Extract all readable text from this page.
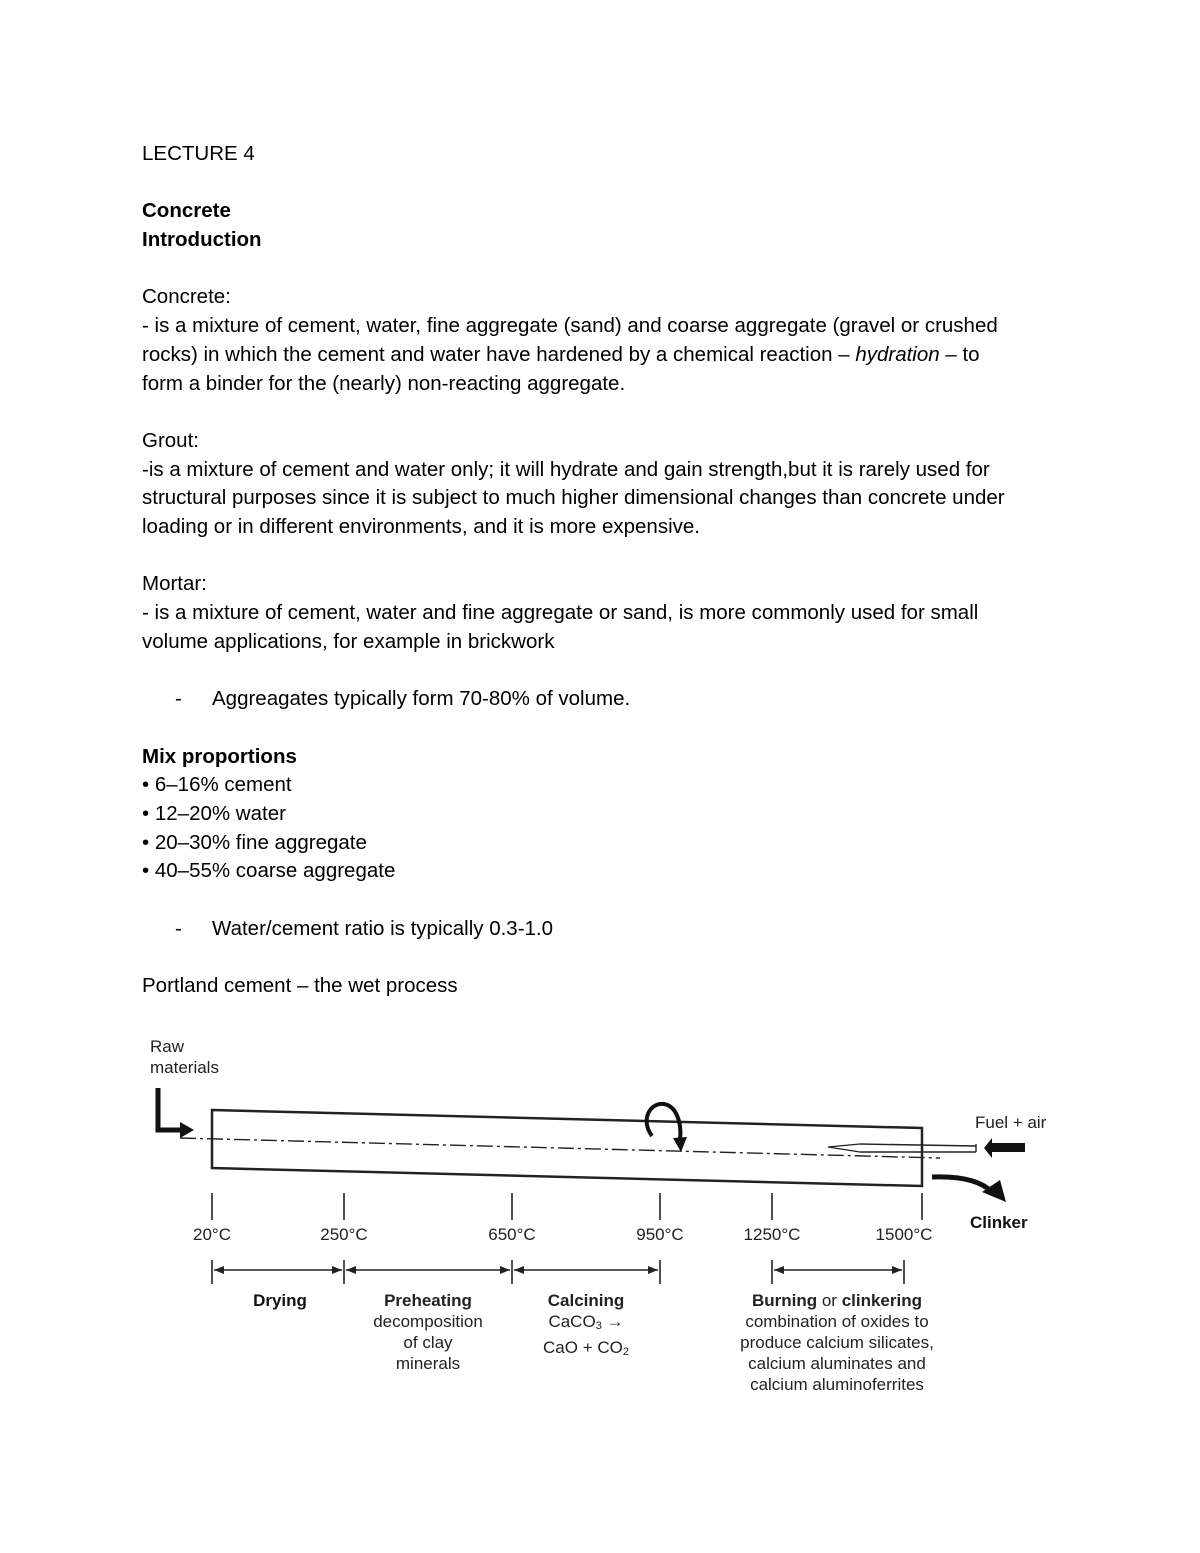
LECTURE 4
Concrete
Introduction
Concrete:
- is a mixture of cement, water, fine aggregate (sand) and coarse aggregate (gravel or crushed
rocks) in which the cement and water have hardened by a chemical reaction – hydration – to
form a binder for the (nearly) non-reacting aggregate.
Grout:
-is a mixture of cement and water only; it will hydrate and gain strength,but it is rarely used for
structural purposes since it is subject to much higher dimensional changes than concrete under
loading or in different environments, and it is more expensive.
Mortar:
- is a mixture of cement, water and fine aggregate or sand, is more commonly used for small
volume applications, for example in brickwork
-	Aggreagates typically form 70-80% of volume.
Mix proportions
• 6–16% cement
• 12–20% water
• 20–30% fine aggregate
• 40–55% coarse aggregate
-	Water/cement ratio is typically 0.3-1.0
Portland cement – the wet process
Raw
materials
Fuel + air
Clinker
20°C	250°C	650°C	950°C	1250°C	1500°C
Drying	Preheating
decomposition
of clay
minerals
Calcining
CaCO$_3$ →
CaO + $CO_2$
Burning or clinkering
combination of oxides to
produce calcium silicates,
calcium aluminates and
calcium aluminoferrites
